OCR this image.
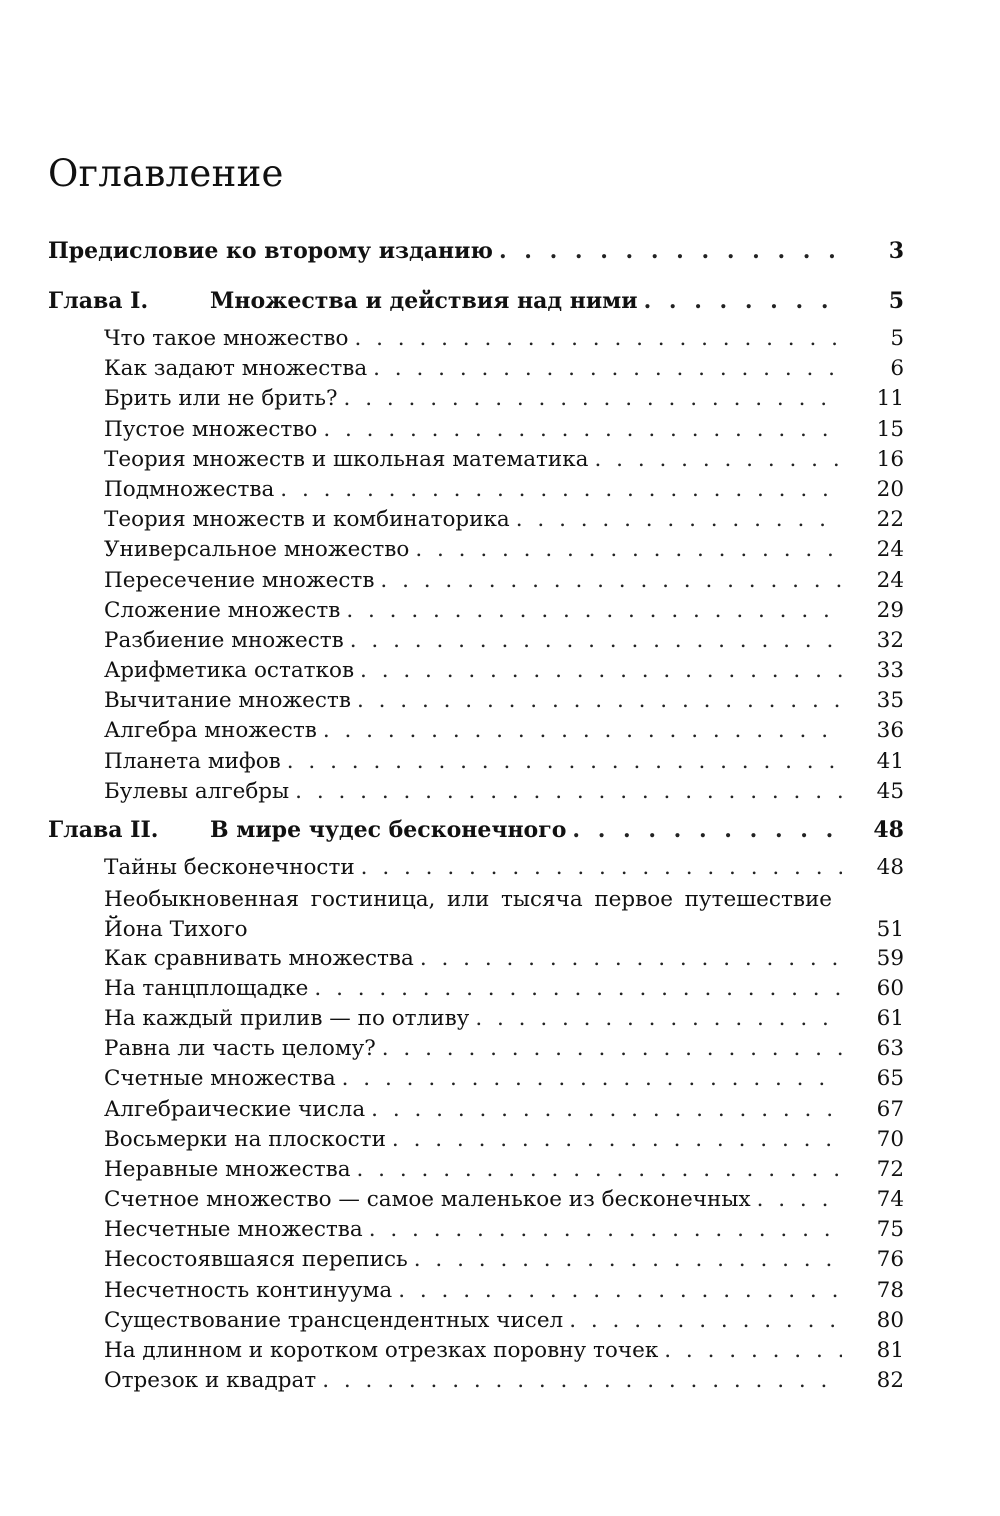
Оглавление
Предисловие ко второму изданию . . .	3
Глава I.	Множества и действия над ними . . .	5
Что такое множество . . .	5
Как задают множества . . .	6
Брить или не брить? . . .	11
Пустое множество . . .	15
Теория множеств и школьная математика . . .	16
Подмножества . . .	20
Теория множеств и комбинаторика . . .	22
Универсальное множество . . .	24
Пересечение множеств . . .	24
Сложение множеств . . .	29
Разбиение множеств . . .	32
Арифметика остатков . . .	33
Вычитание множеств . . .	35
Алгебра множеств . . .	36
Планета мифов . . .	41
Булевы алгебры . . .	45
Глава II. В мире чудес бесконечного . . .	48
Тайны бесконечности . . .	48
Необыкновенная гостиница, или тысяча первое путешествие Йона Тихого	51
Как сравнивать множества . . .	59
На танцплощадке . . .	60
На каждый прилив — по отливу . . .	61
Равна ли часть целому? . . .	63
Счетные множества . . .	65
Алгебраические числа . . .	67
Восьмерки на плоскости . . .	70
Неравные множества . . .	72
Счетное множество — самое маленькое из бесконечных . . .	74
Несчетные множества . . .	75
Несостоявшаяся перепись . . .	76
Несчетность континуума . . .	78
Существование трансцендентных чисел . . .	80
На длинном и коротком отрезках поровну точек . . .	81
Отрезок и квадрат . . .	82
